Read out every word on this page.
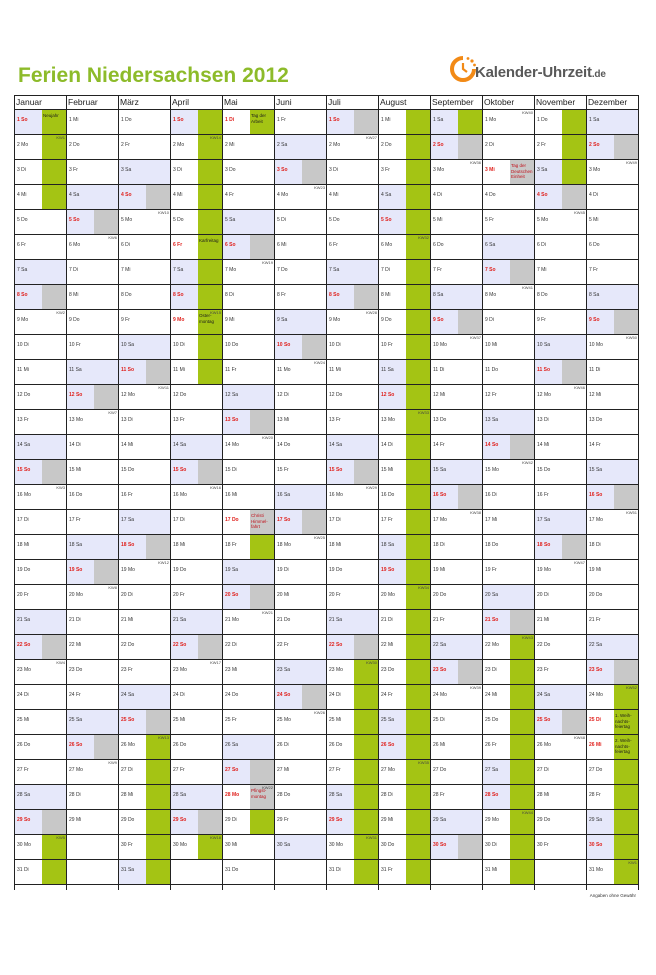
Ferien Niedersachsen 2012	Kalender-Uhrzeit.de
Januar
1 So
Neujahr
2 Mo
KW1
3 Di
4 Mi
5 Do
6 Fr
7 Sa
8 So
9 Mo
KW2
10 Di
11 Mi
12 Do
13 Fr
14 Sa
15 So
16 Mo
KW3
17 Di
18 Mi
19 Do
20 Fr
21 Sa
22 So
23 Mo
KW4
24 Di
25 Mi
26 Do
27 Fr
28 Sa
29 So
30 Mo
KW5
31 Di
Februar
1 Mi
2 Do
3 Fr
4 Sa
5 So
6 Mo
KW6
7 Di
8 Mi
9 Do
10 Fr
11 Sa
12 So
13 Mo
KW7
14 Di
15 Mi
16 Do
17 Fr
18 Sa
19 So
20 Mo
KW8
21 Di
22 Mi
23 Do
24 Fr
25 Sa
26 So
27 Mo
KW9
28 Di
29 Mi
März
1 Do
2 Fr
3 Sa
4 So
5 Mo
KW10
6 Di
7 Mi
8 Do
9 Fr
10 Sa
11 So
12 Mo
KW11
13 Di
14 Mi
15 Do
16 Fr
17 Sa
18 So
19 Mo
KW12
20 Di
21 Mi
22 Do
23 Fr
24 Sa
25 So
26 Mo
KW13
27 Di
28 Mi
29 Do
30 Fr
31 Sa
April
1 So
2 Mo
KW14
3 Di
4 Mi
5 Do
6 Fr
Karfreitag
7 Sa
8 So
9 Mo
Oster- montag
KW15
10 Di
11 Mi
12 Do
13 Fr
14 Sa
15 So
16 Mo
KW16
17 Di
18 Mi
19 Do
20 Fr
21 Sa
22 So
23 Mo
KW17
24 Di
25 Mi
26 Do
27 Fr
28 Sa
29 So
30 Mo
KW18
Mai
1 Di
Tag der Arbeit
2 Mi
3 Do
4 Fr
5 Sa
6 So
7 Mo
KW19
8 Di
9 Mi
10 Do
11 Fr
12 Sa
13 So
14 Mo
KW20
15 Di
16 Mi
17 Do
Christi Himmel- fahrt
18 Fr
19 Sa
20 So
21 Mo
KW21
22 Di
23 Mi
24 Do
25 Fr
26 Sa
27 So
28 Mo
Pfingst- montag
KW22
29 Di
30 Mi
31 Do
Juni
1 Fr
2 Sa
3 So
4 Mo
KW23
5 Di
6 Mi
7 Do
8 Fr
9 Sa
10 So
11 Mo
KW24
12 Di
13 Mi
14 Do
15 Fr
16 Sa
17 So
18 Mo
KW25
19 Di
20 Mi
21 Do
22 Fr
23 Sa
24 So
25 Mo
KW26
26 Di
27 Mi
28 Do
29 Fr
30 Sa
Juli
1 So
2 Mo
KW27
3 Di
4 Mi
5 Do
6 Fr
7 Sa
8 So
9 Mo
KW28
10 Di
11 Mi
12 Do
13 Fr
14 Sa
15 So
16 Mo
KW29
17 Di
18 Mi
19 Do
20 Fr
21 Sa
22 So
23 Mo
KW30
24 Di
25 Mi
26 Do
27 Fr
28 Sa
29 So
30 Mo
KW31
31 Di
August
1 Mi
2 Do
3 Fr
4 Sa
5 So
6 Mo
KW32
7 Di
8 Mi
9 Do
10 Fr
11 Sa
12 So
13 Mo
KW33
14 Di
15 Mi
16 Do
17 Fr
18 Sa
19 So
20 Mo
KW34
21 Di
22 Mi
23 Do
24 Fr
25 Sa
26 So
27 Mo
KW35
28 Di
29 Mi
30 Do
31 Fr
September
1 Sa
2 So
3 Mo
KW36
4 Di
5 Mi
6 Do
7 Fr
8 Sa
9 So
10 Mo
KW37
11 Di
12 Mi
13 Do
14 Fr
15 Sa
16 So
17 Mo
KW38
18 Di
19 Mi
20 Do
21 Fr
22 Sa
23 So
24 Mo
KW39
25 Di
26 Mi
27 Do
28 Fr
29 Sa
30 So
Oktober
1 Mo
KW40
2 Di
3 Mi
Tag der Deutschen Einheit
4 Do
5 Fr
6 Sa
7 So
8 Mo
KW41
9 Di
10 Mi
11 Do
12 Fr
13 Sa
14 So
15 Mo
KW42
16 Di
17 Mi
18 Do
19 Fr
20 Sa
21 So
22 Mo
KW43
23 Di
24 Mi
25 Do
26 Fr
27 Sa
28 So
29 Mo
KW44
30 Di
31 Mi
November
1 Do
2 Fr
3 Sa
4 So
5 Mo
KW45
6 Di
7 Mi
8 Do
9 Fr
10 Sa
11 So
12 Mo
KW46
13 Di
14 Mi
15 Do
16 Fr
17 Sa
18 So
19 Mo
KW47
20 Di
21 Mi
22 Do
23 Fr
24 Sa
25 So
26 Mo
KW48
27 Di
28 Mi
29 Do
30 Fr
Dezember
1 Sa
2 So
3 Mo
KW49
4 Di
5 Mi
6 Do
7 Fr
8 Sa
9 So
10 Mo
KW50
11 Di
12 Mi
13 Do
14 Fr
15 Sa
16 So
17 Mo
KW51
18 Di
19 Mi
20 Do
21 Fr
22 Sa
23 So
24 Mo
KW52
25 Di
1. Weih- nachts- feiertag
26 Mi
2. Weih- nachts- feiertag
27 Do
28 Fr
29 Sa
30 So
31 Mo
KW1
Angaben ohne Gewähr
